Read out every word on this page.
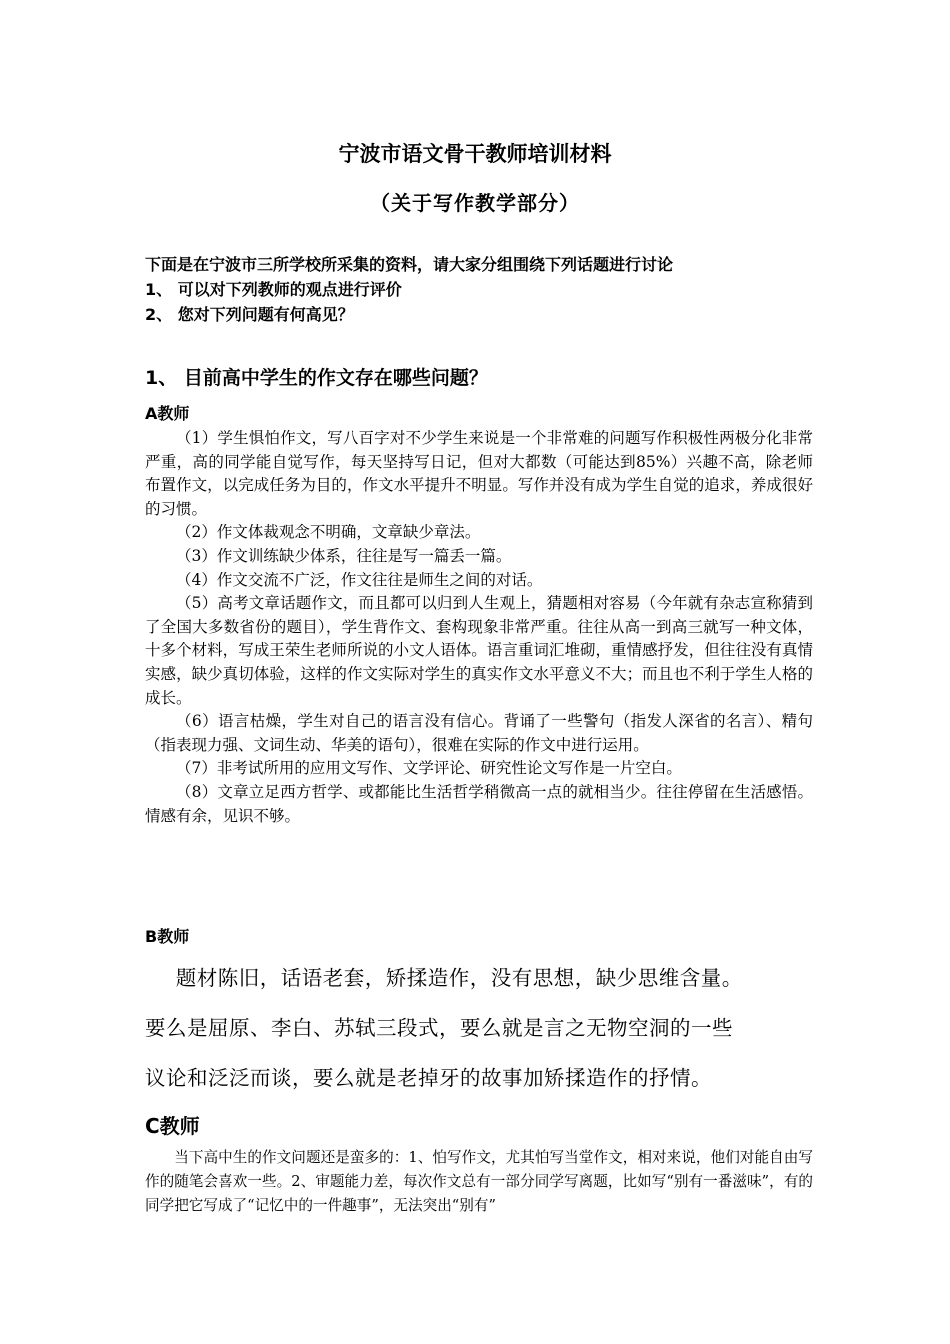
宁波市语文骨干教师培训材料
（关于写作教学部分）
下面是在宁波市三所学校所采集的资料，请大家分组围绕下列话题进行讨论
1、 可以对下列教师的观点进行评价
2、 您对下列问题有何高见？
1、 目前高中学生的作文存在哪些问题？
A教师

（1）学生惧怕作文，写八百字对不少学生来说是一个非常难的问题写作积极性两极分化非常严重，高的同学能自觉写作，每天坚持写日记，但对大都数（可能达到85%）兴趣不高，除老师布置作文，以完成任务为目的，作文水平提升不明显。写作并没有成为学生自觉的追求，养成很好的习惯。

（2）作文体裁观念不明确，文章缺少章法。

（3）作文训练缺少体系，往往是写一篇丢一篇。

（4）作文交流不广泛，作文往往是师生之间的对话。

（5）高考文章话题作文，而且都可以归到人生观上，猜题相对容易（今年就有杂志宣称猜到了全国大多数省份的题目），学生背作文、套构现象非常严重。往往从高一到高三就写一种文体，十多个材料，写成王荣生老师所说的小文人语体。语言重词汇堆砌，重情感抒发，但往往没有真情实感，缺少真切体验，这样的作文实际对学生的真实作文水平意义不大；而且也不利于学生人格的成长。

（6）语言枯燥，学生对自己的语言没有信心。背诵了一些警句（指发人深省的名言）、精句（指表现力强、文词生动、华美的语句），很难在实际的作文中进行运用。

（7）非考试所用的应用文写作、文学评论、研究性论文写作是一片空白。

（8）文章立足西方哲学、或都能比生活哲学稍微高一点的就相当少。往往停留在生活感悟。情感有余，见识不够。

B教师

题材陈旧，话语老套，矫揉造作，没有思想，缺少思维含量。

要么是屈原、李白、苏轼三段式，要么就是言之无物空洞的一些

议论和泛泛而谈，要么就是老掉牙的故事加矫揉造作的抒情。

C教师

当下高中生的作文问题还是蛮多的：1、怕写作文，尤其怕写当堂作文，相对来说，他们对能自由写作的随笔会喜欢一些。2、审题能力差，每次作文总有一部分同学写离题，比如写“别有一番滋味”，有的同学把它写成了“记忆中的一件趣事”，无法突出“别有”
